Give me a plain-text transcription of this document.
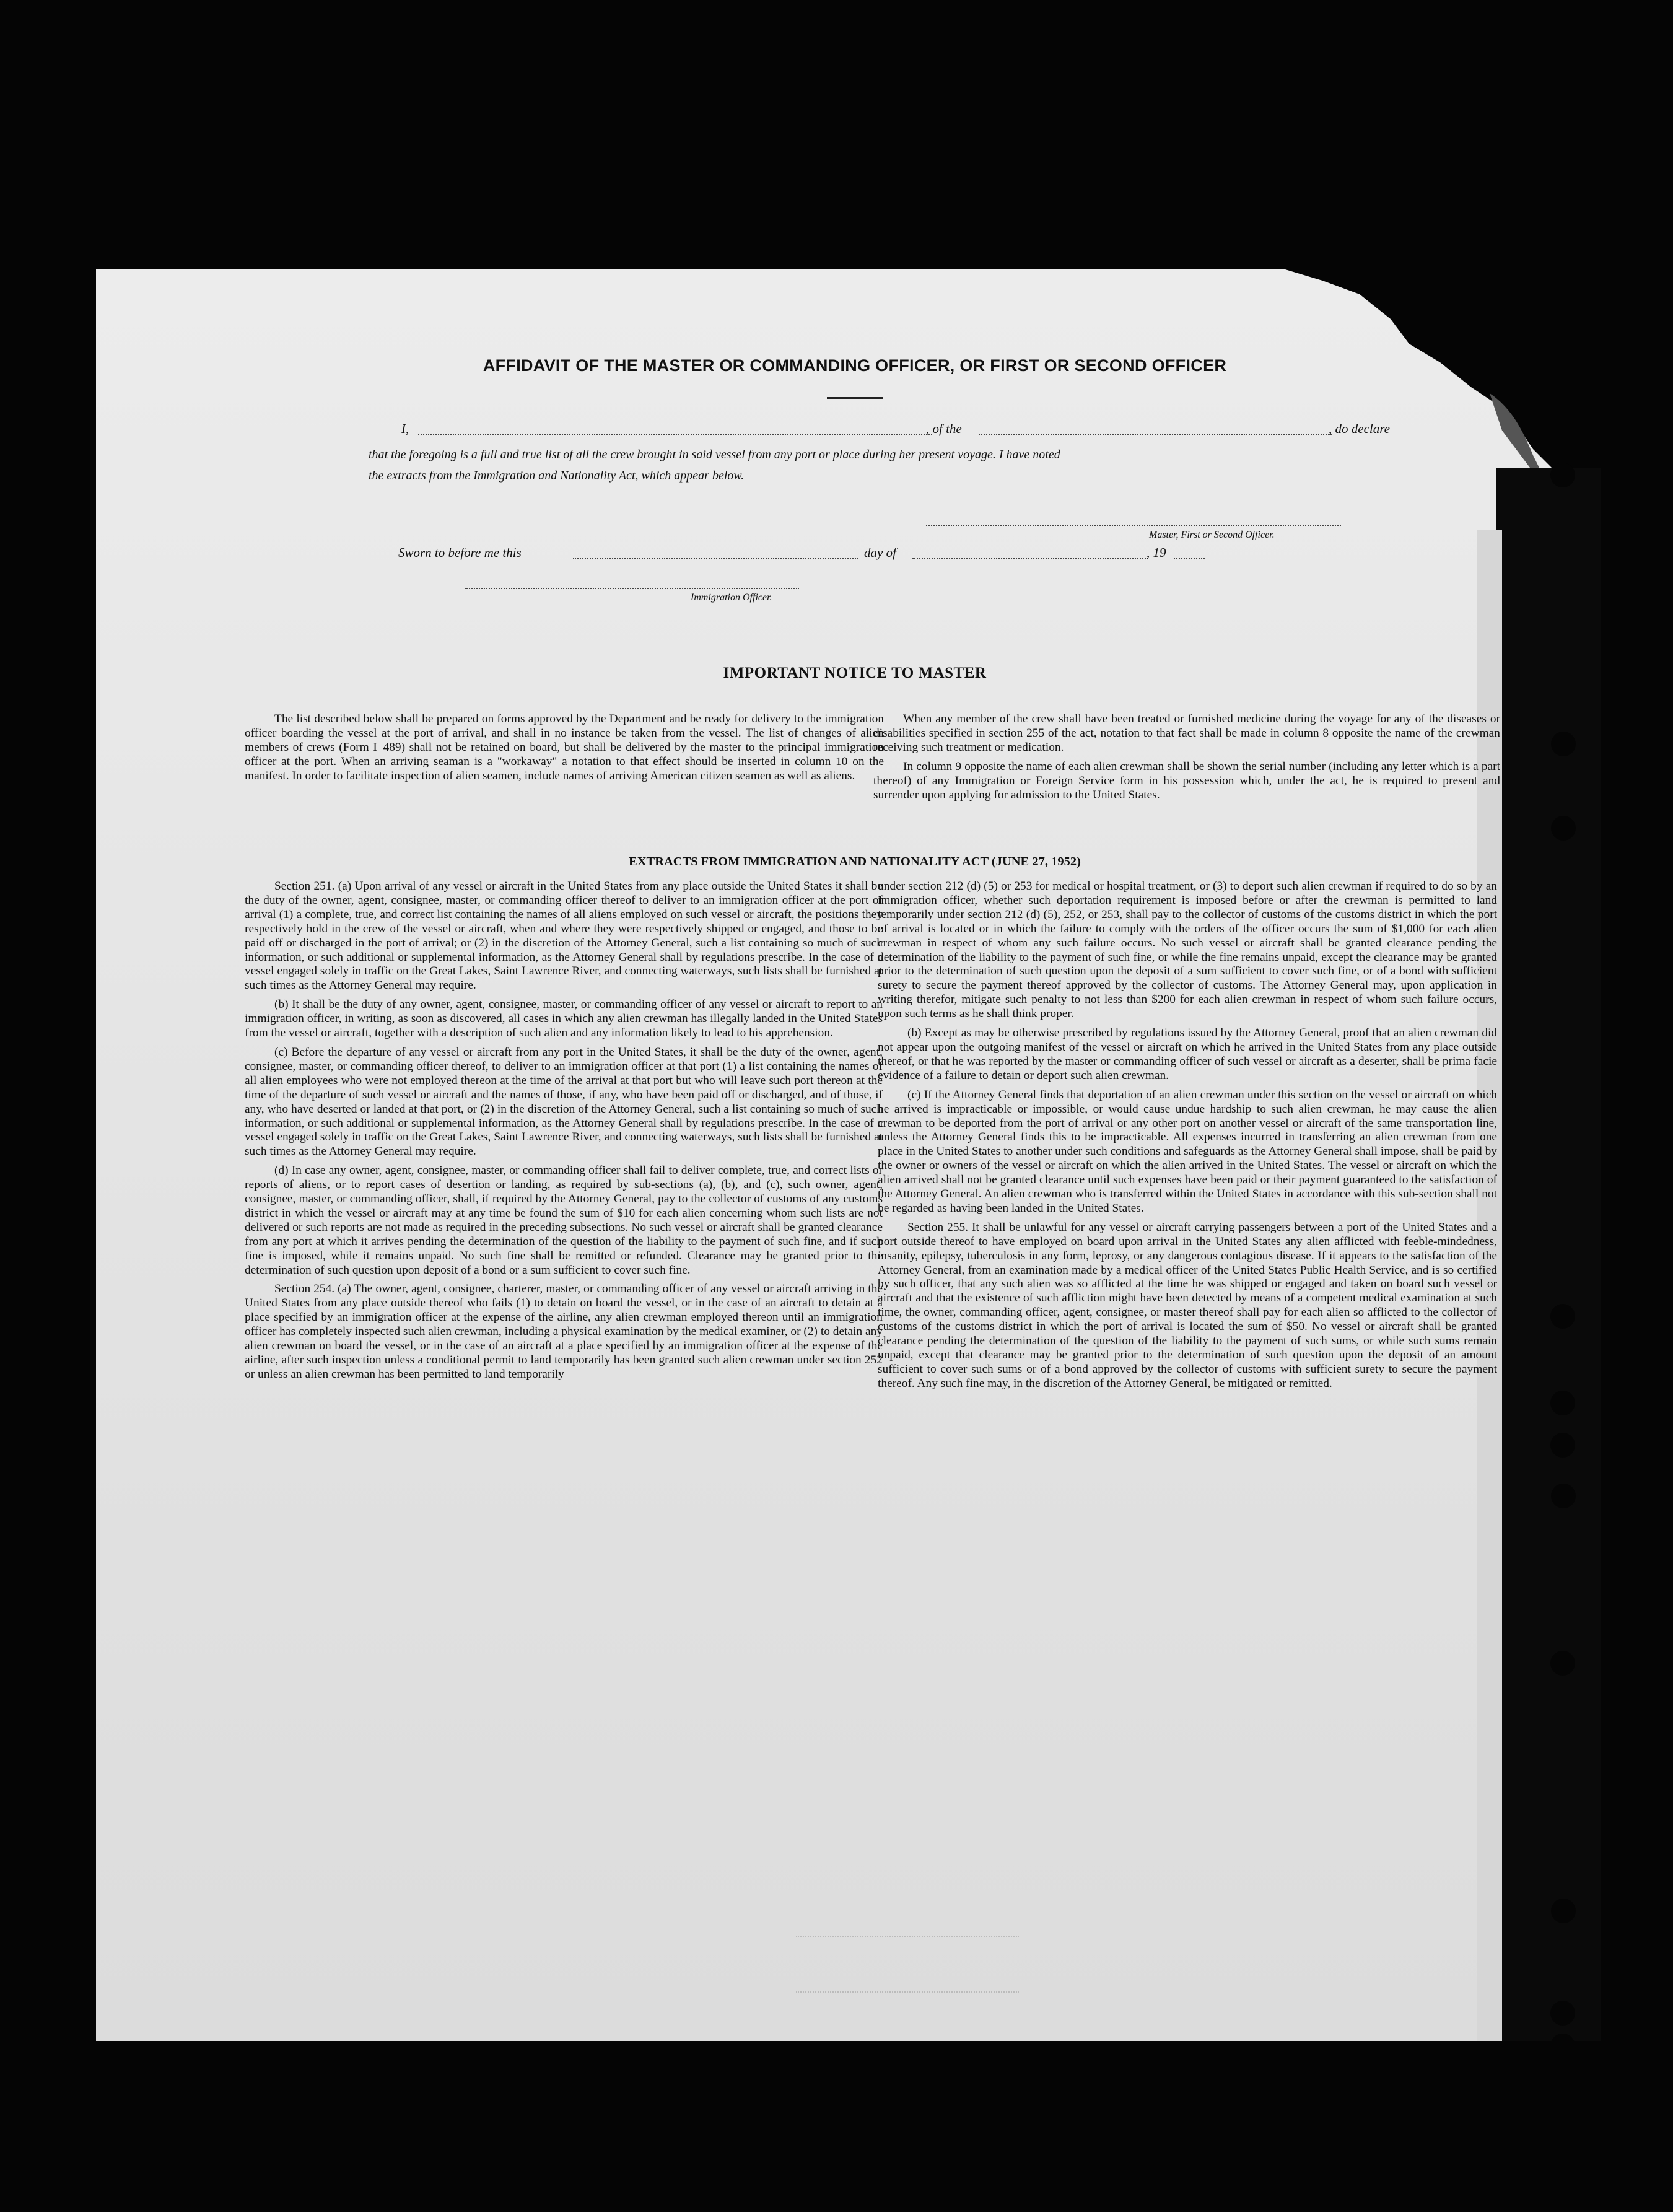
AFFIDAVIT OF THE MASTER OR COMMANDING OFFICER, OR FIRST OR SECOND OFFICER
I,	, of the	, do declare
that the foregoing is a full and true list of all the crew brought in said vessel from any port or place during her present voyage. I have noted
the extracts from the Immigration and Nationality Act, which appear below.
Master, First or Second Officer.
Sworn to before me this	day of	, 19
Immigration Officer.
IMPORTANT NOTICE TO MASTER

The list described below shall be prepared on forms approved by the Department and be ready for delivery to the immigration officer boarding the vessel at the port of arrival, and shall in no instance be taken from the vessel. The list of changes of alien members of crews (Form I–489) shall not be retained on board, but shall be delivered by the master to the principal immigration officer at the port. When an arriving seaman is a "workaway" a notation to that effect should be inserted in column 10 on the manifest. In order to facilitate inspection of alien seamen, include names of arriving American citizen seamen as well as aliens.

When any member of the crew shall have been treated or furnished medicine during the voyage for any of the diseases or disabilities specified in section 255 of the act, notation to that fact shall be made in column 8 opposite the name of the crewman receiving such treatment or medication.

In column 9 opposite the name of each alien crewman shall be shown the serial number (including any letter which is a part thereof) of any Immigration or Foreign Service form in his possession which, under the act, he is required to present and surrender upon applying for admission to the United States.

EXTRACTS FROM IMMIGRATION AND NATIONALITY ACT (JUNE 27, 1952)

Section 251. (a) Upon arrival of any vessel or aircraft in the United States from any place outside the United States it shall be the duty of the owner, agent, consignee, master, or commanding officer thereof to deliver to an immigration officer at the port of arrival (1) a complete, true, and correct list containing the names of all aliens employed on such vessel or aircraft, the positions they respectively hold in the crew of the vessel or aircraft, when and where they were respectively shipped or engaged, and those to be paid off or discharged in the port of arrival; or (2) in the discretion of the Attorney General, such a list containing so much of such information, or such additional or supplemental information, as the Attorney General shall by regulations prescribe. In the case of a vessel engaged solely in traffic on the Great Lakes, Saint Lawrence River, and connecting waterways, such lists shall be furnished at such times as the Attorney General may require.

(b) It shall be the duty of any owner, agent, consignee, master, or commanding officer of any vessel or aircraft to report to an immigration officer, in writing, as soon as discovered, all cases in which any alien crewman has illegally landed in the United States from the vessel or aircraft, together with a description of such alien and any information likely to lead to his apprehension.

(c) Before the departure of any vessel or aircraft from any port in the United States, it shall be the duty of the owner, agent, consignee, master, or commanding officer thereof, to deliver to an immigration officer at that port (1) a list containing the names of all alien employees who were not employed thereon at the time of the arrival at that port but who will leave such port thereon at the time of the departure of such vessel or aircraft and the names of those, if any, who have been paid off or discharged, and of those, if any, who have deserted or landed at that port, or (2) in the discretion of the Attorney General, such a list containing so much of such information, or such additional or supplemental information, as the Attorney General shall by regulations prescribe. In the case of a vessel engaged solely in traffic on the Great Lakes, Saint Lawrence River, and connecting waterways, such lists shall be furnished at such times as the Attorney General may require.

(d) In case any owner, agent, consignee, master, or commanding officer shall fail to deliver complete, true, and correct lists or reports of aliens, or to report cases of desertion or landing, as required by sub-sections (a), (b), and (c), such owner, agent, consignee, master, or commanding officer, shall, if required by the Attorney General, pay to the collector of customs of any customs district in which the vessel or aircraft may at any time be found the sum of $10 for each alien concerning whom such lists are not delivered or such reports are not made as required in the preceding subsections. No such vessel or aircraft shall be granted clearance from any port at which it arrives pending the determination of the question of the liability to the payment of such fine, and if such fine is imposed, while it remains unpaid. No such fine shall be remitted or refunded. Clearance may be granted prior to the determination of such question upon deposit of a bond or a sum sufficient to cover such fine.

Section 254. (a) The owner, agent, consignee, charterer, master, or commanding officer of any vessel or aircraft arriving in the United States from any place outside thereof who fails (1) to detain on board the vessel, or in the case of an aircraft to detain at a place specified by an immigration officer at the expense of the airline, any alien crewman employed thereon until an immigration officer has completely inspected such alien crewman, including a physical examination by the medical examiner, or (2) to detain any alien crewman on board the vessel, or in the case of an aircraft at a place specified by an immigration officer at the expense of the airline, after such inspection unless a conditional permit to land temporarily has been granted such alien crewman under section 252 or unless an alien crewman has been permitted to land temporarily

under section 212 (d) (5) or 253 for medical or hospital treatment, or (3) to deport such alien crewman if required to do so by an immigration officer, whether such deportation requirement is imposed before or after the crewman is permitted to land temporarily under section 212 (d) (5), 252, or 253, shall pay to the collector of customs of the customs district in which the port of arrival is located or in which the failure to comply with the orders of the officer occurs the sum of $1,000 for each alien crewman in respect of whom any such failure occurs. No such vessel or aircraft shall be granted clearance pending the determination of the liability to the payment of such fine, or while the fine remains unpaid, except the clearance may be granted prior to the determination of such question upon the deposit of a sum sufficient to cover such fine, or of a bond with sufficient surety to secure the payment thereof approved by the collector of customs. The Attorney General may, upon application in writing therefor, mitigate such penalty to not less than $200 for each alien crewman in respect of whom such failure occurs, upon such terms as he shall think proper.

(b) Except as may be otherwise prescribed by regulations issued by the Attorney General, proof that an alien crewman did not appear upon the outgoing manifest of the vessel or aircraft on which he arrived in the United States from any place outside thereof, or that he was reported by the master or commanding officer of such vessel or aircraft as a deserter, shall be prima facie evidence of a failure to detain or deport such alien crewman.

(c) If the Attorney General finds that deportation of an alien crewman under this section on the vessel or aircraft on which he arrived is impracticable or impossible, or would cause undue hardship to such alien crewman, he may cause the alien crewman to be deported from the port of arrival or any other port on another vessel or aircraft of the same transportation line, unless the Attorney General finds this to be impracticable. All expenses incurred in transferring an alien crewman from one place in the United States to another under such conditions and safeguards as the Attorney General shall impose, shall be paid by the owner or owners of the vessel or aircraft on which the alien arrived in the United States. The vessel or aircraft on which the alien arrived shall not be granted clearance until such expenses have been paid or their payment guaranteed to the satisfaction of the Attorney General. An alien crewman who is transferred within the United States in accordance with this sub-section shall not be regarded as having been landed in the United States.

Section 255. It shall be unlawful for any vessel or aircraft carrying passengers between a port of the United States and a port outside thereof to have employed on board upon arrival in the United States any alien afflicted with feeble-mindedness, insanity, epilepsy, tuberculosis in any form, leprosy, or any dangerous contagious disease. If it appears to the satisfaction of the Attorney General, from an examination made by a medical officer of the United States Public Health Service, and is so certified by such officer, that any such alien was so afflicted at the time he was shipped or engaged and taken on board such vessel or aircraft and that the existence of such affliction might have been detected by means of a competent medical examination at such time, the owner, commanding officer, agent, consignee, or master thereof shall pay for each alien so afflicted to the collector of customs of the customs district in which the port of arrival is located the sum of $50. No vessel or aircraft shall be granted clearance pending the determination of the question of the liability to the payment of such sums, or while such sums remain unpaid, except that clearance may be granted prior to the determination of such question upon the deposit of an amount sufficient to cover such sums or of a bond approved by the collector of customs with sufficient surety to secure the payment thereof. Any such fine may, in the discretion of the Attorney General, be mitigated or remitted.
